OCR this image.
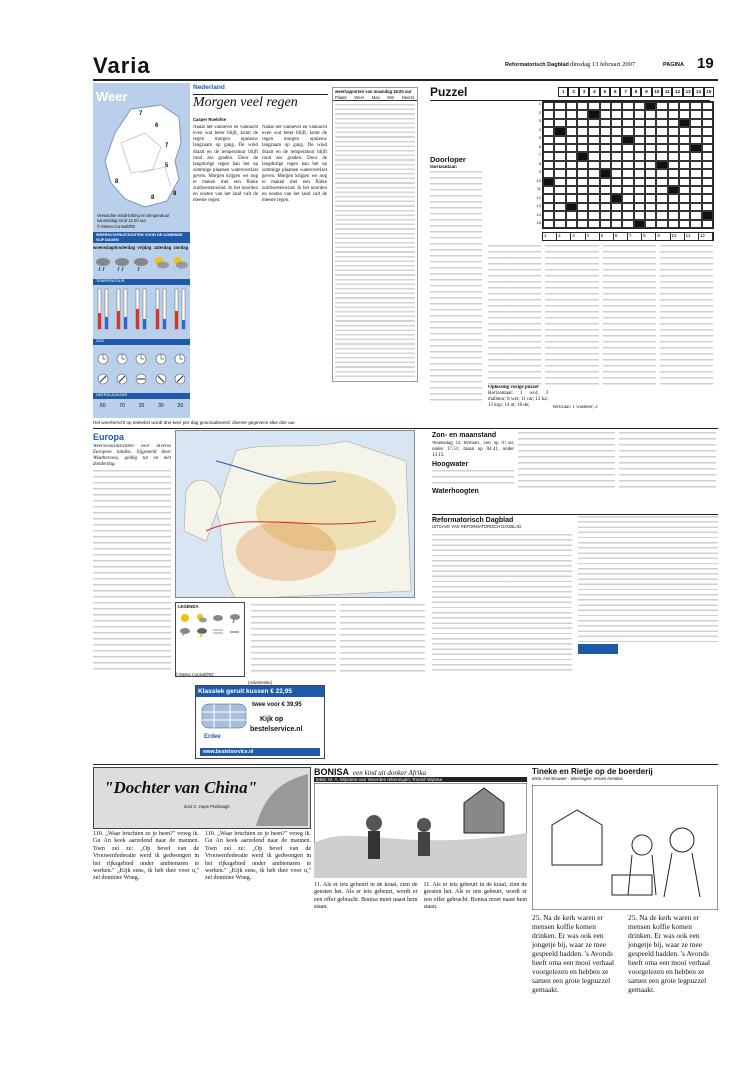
Varia	Reformatorisch Dagblad dinsdag 13 februari 2007	PAGINA 19
Weer
7
7
6
5
8
8
8
Verwachte windrichting en temperatuur vanmiddag rond 12.00 uur
© Meteo Consult/RD
WEERSVOORUITZICHTEN VOOR DE KOMENDE VIJF DAGEN
woensdag donderdag vrijdag zaterdag zondag
TEMPERATUUR
ZON
NEERSLAGKANS
60	70	20	30	20
Nederland
Morgen veel regen
Casper Roelofse
Nadat het vannevel en vannacht even wat beter blijft, komt de regen morgen opnieuw langzaam op gang. De wind draait en de temperatuur blijft rond zes graden. Door de langdurige regen kan het op sommige plaatsen wateroverlast geven. Morgen krijgen we nog te maken met een flinke zuidwestenwind. In het noorden en oosten van het land valt de meeste regen.
Nadat het vannevel en vannacht even wat beter blijft, komt de regen morgen opnieuw langzaam op gang. De wind draait en de temperatuur blijft rond zes graden. Door de langdurige regen kan het op sommige plaatsen wateroverlast geven. Morgen krijgen we nog te maken met een flinke zuidwestenwind. In het noorden en oosten van het land valt de meeste regen.
weerrapporten van maandag 18.00 uur
Plaats Weer Max Min Neersl. Puzzel	1	2	3	4	5	6	7	8	9	10	11	12	13	14	15
1
2
3
4
5
6
7
8
9
10
11
12
13
14
15
1	2	3	4	5	6	7	8	9	10	11	12
Doorloper
Horizontaal:
Oplossing vorige puzzel
Horizontaal: 1 wol; 3 malheur; 8 wet; 11 rar; 12 ka; 13 kop; 14 ut; 16 de;	Verticaal: 1 wasbeer; 2
Het weerbericht op teletekst wordt drie keer per dag geactualiseerd: diverse gegevens elke drie uur.
Europa
Weersvooruitzichten voor diverse Europese landen, bijgesteld door Weatherxess, geldig tot en met donderdag.
LEGENDA
*
© Meteo Consult/RD
Zon- en maanstand
Woensdag 14 februari, zon op 07.58, onder 17.51; maan op 04.41, onder 13.15.
Hoogwater
Waterhoogten
Reformatorisch Dagblad
UITGAVE VAN REFORMATORISCH DAGBLAD
(Advertentie)
Klassiek geruit kussen € 22,95
twee voor € 39,95
Kijk op
bestelservice.nl
Erdee
www.bestelservice.nl
"Dochter van China"
door C. Hupe Flushaagh
BONISA een kind uit donker Afrika
tekst: M. A. Mijnders-van Woerden tekeningen: Roelof Wijsma
Tineke en Rietje op de boerderij
tekst: Ans Brouwer · tekeningen: Jeroen Arendse
110. „Waar bruchten ze je heen?" vroeg ik. Gu An keek aarzelend naar de mannen. Toen zei ze: „Op bevel van de Vrouwenfederatie werd ik gedwongen in het rijksgebied onder ambtenaren te werken." „Kijk eens, ik heb thee voor u," zei dominee Wong.
110. „Waar bruchten ze je heen?" vroeg ik. Gu An keek aarzelend naar de mannen. Toen zei ze: „Op bevel van de Vrouwenfederatie werd ik gedwongen in het rijksgebied onder ambtenaren te werken." „Kijk eens, ik heb thee voor u," zei dominee Wong.
11. Als er iets gebeurt in de kraal, zien de geesten het. Als er iets gebeurt, wordt er een offer gebracht. Bonisa moet naast hem staan.
11. Als er iets gebeurt in de kraal, zien de geesten het. Als er iets gebeurt, wordt er een offer gebracht. Bonisa moet naast hem staan.
25. Na de kerk waren er mensen koffie komen drinken. Er was ook een jongetje bij, waar ze mee gespeeld hadden. 's Avonds heeft oma een mooi verhaal voorgelezen en hebben ze samen een grote legpuzzel gemaakt.
25. Na de kerk waren er mensen koffie komen drinken. Er was ook een jongetje bij, waar ze mee gespeeld hadden. 's Avonds heeft oma een mooi verhaal voorgelezen en hebben ze samen een grote legpuzzel gemaakt.
